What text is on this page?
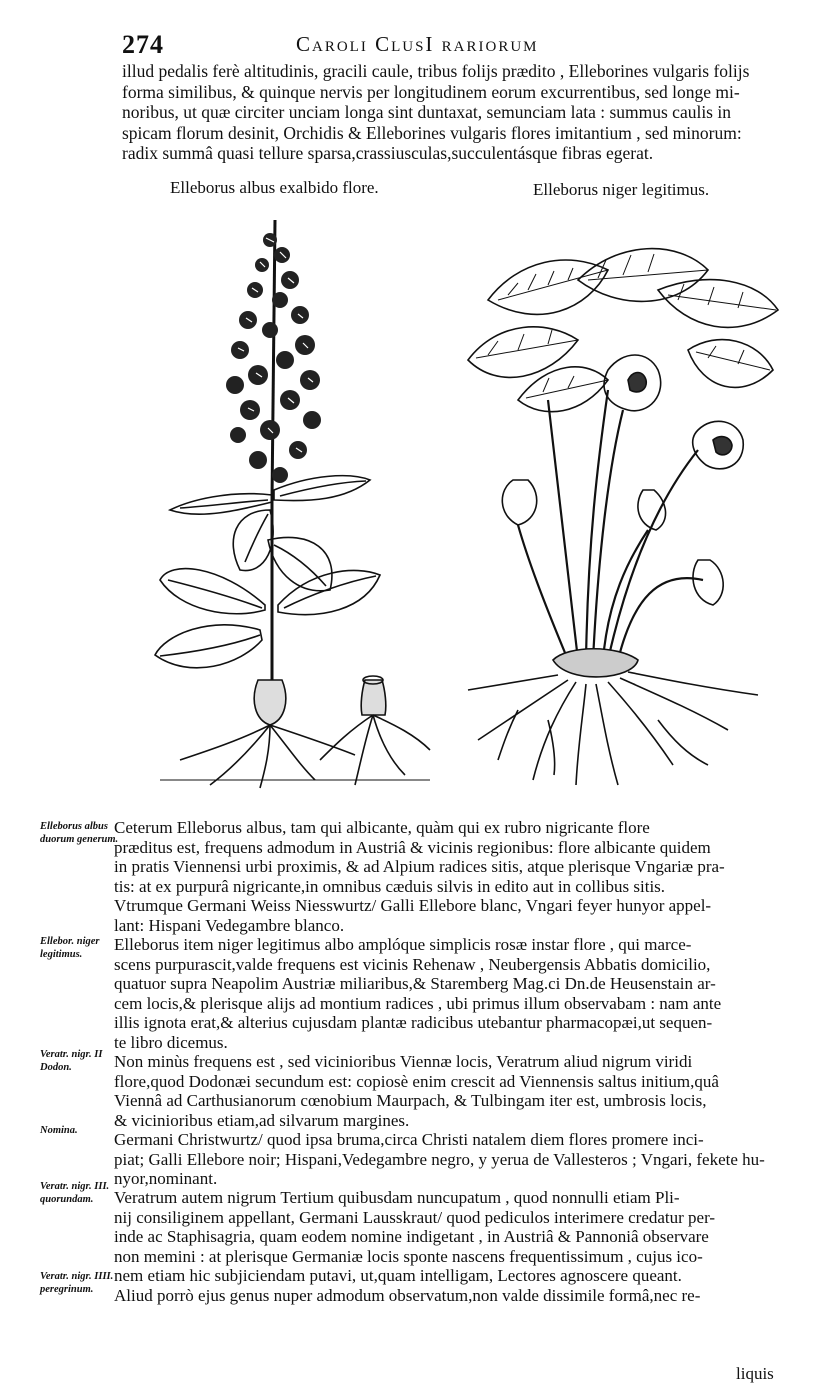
274	Caroli ClusI rariorum
illud pedalis ferè altitudinis, gracili caule, tribus folijs prædito , Elleborines vulgaris folijs
forma similibus, & quinque nervis per longitudinem eorum excurrentibus, sed longe mi-
noribus, ut quæ circiter unciam longa sint duntaxat, semunciam lata : summus caulis in
spicam florum desinit, Orchidis & Elleborines vulgaris flores imitantium , sed minorum:
radix summâ quasi tellure sparsa,crassiusculas,succulentásque fibras egerat.
Elleborus albus exalbido flore.	Elleborus niger legitimus.
Elleborus albus duorum generum.
Ellebor. niger legitimus.
Veratr. nigr. II Dodon.
Nomina.
Veratr. nigr. III. quorundam.
Veratr. nigr. IIII. peregrinum.
Ceterum Elleborus albus, tam qui albicante, quàm qui ex rubro nigricante flore
præditus est, frequens admodum in Austriâ & vicinis regionibus: flore albicante quidem
in pratis Viennensi urbi proximis, & ad Alpium radices sitis, atque plerisque Vngariæ pra-
tis: at ex purpurâ nigricante,in omnibus cæduis silvis in edito aut in collibus sitis.
Vtrumque Germani Weiss Niesswurtz/ Galli Ellebore blanc, Vngari feyer hunyor appel-
lant: Hispani Vedegambre blanco.
Elleborus item niger legitimus albo amplóque simplicis rosæ instar flore , qui marce-
scens purpurascit,valde frequens est vicinis Rehenaw , Neubergensis Abbatis domicilio,
quatuor supra Neapolim Austriæ miliaribus,& Staremberg Mag.ci Dn.de Heusenstain ar-
cem locis,& plerisque alijs ad montium radices , ubi primus illum observabam : nam ante
illis ignota erat,& alterius cujusdam plantæ radicibus utebantur pharmacopæi,ut sequen-
te libro dicemus.
Non minùs frequens est , sed vicinioribus Viennæ locis, Veratrum aliud nigrum viridi
flore,quod Dodonæi secundum est: copiosè enim crescit ad Viennensis saltus initium,quâ
Viennâ ad Carthusianorum cœnobium Maurpach, & Tulbingam iter est, umbrosis locis,
& vicinioribus etiam,ad silvarum margines.
Germani Christwurtz/ quod ipsa bruma,circa Christi natalem diem flores promere inci-
piat; Galli Ellebore noir; Hispani,Vedegambre negro, y yerua de Vallesteros ; Vngari, fekete hu-
nyor,nominant.
Veratrum autem nigrum Tertium quibusdam nuncupatum , quod nonnulli etiam Pli-
nij consiliginem appellant, Germani Lausskraut/ quod pediculos interimere credatur per-
inde ac Staphisagria, quam eodem nomine indigetant , in Austriâ & Pannoniâ observare
non memini : at plerisque Germaniæ locis sponte nascens frequentissimum , cujus ico-
nem etiam hic subjiciendam putavi, ut,quam intelligam, Lectores agnoscere queant.
Aliud porrò ejus genus nuper admodum observatum,non valde dissimile formâ,nec re-
liquis
